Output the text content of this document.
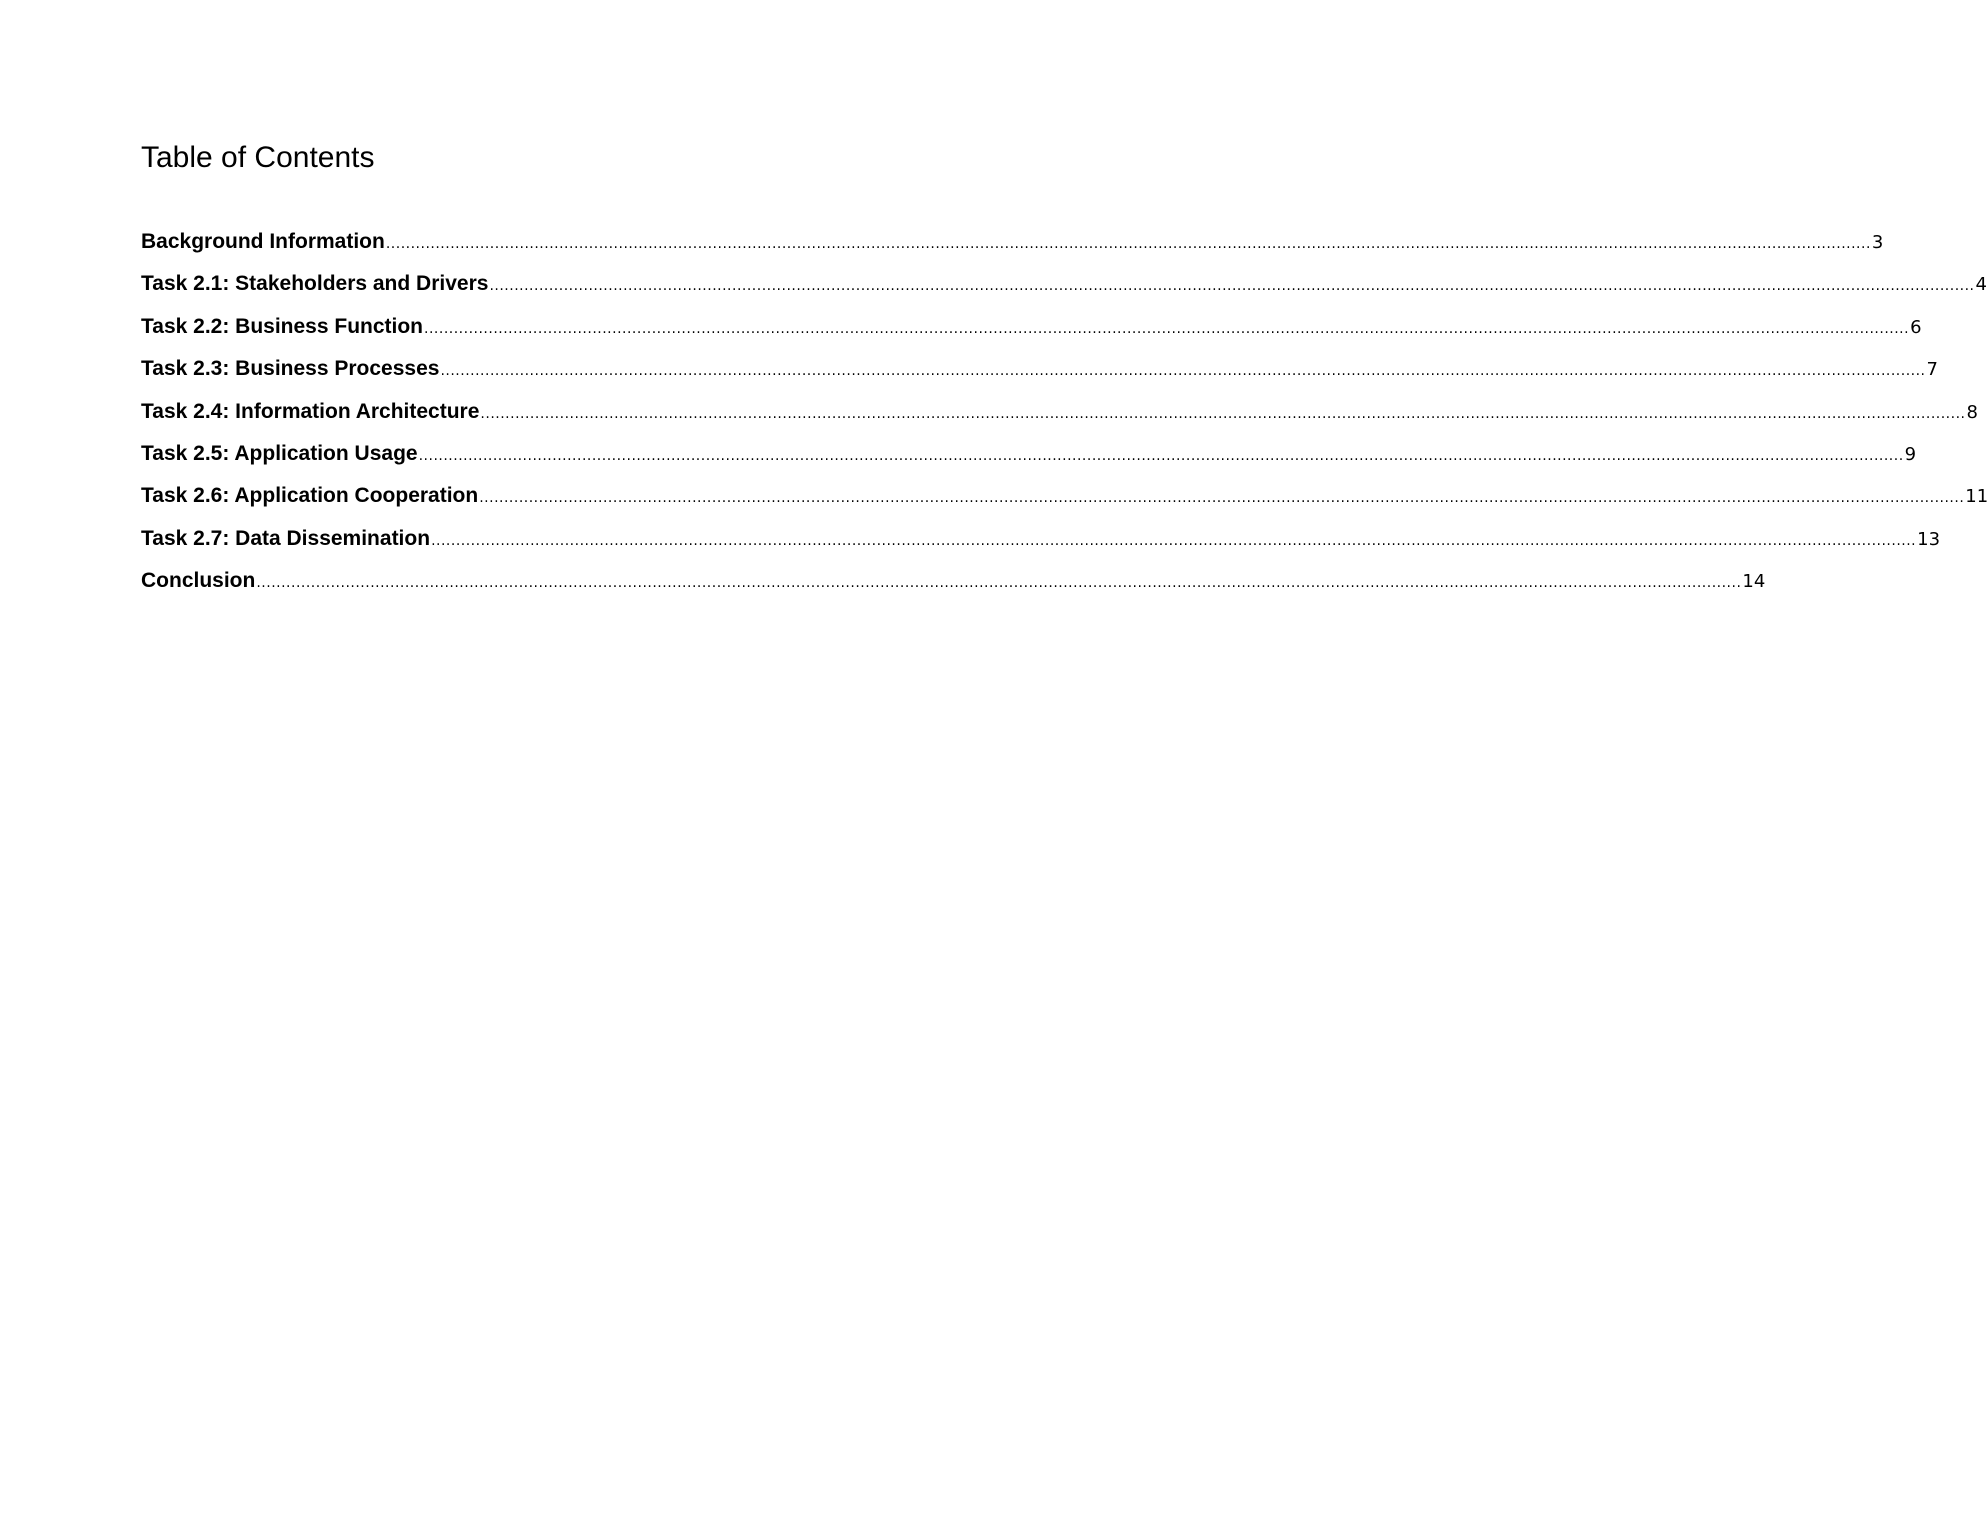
Table of Contents
Background Information ............................................................................................................................................................................................................................................................................................................ 3
Task 2.1: Stakeholders and Drivers ............................................................................................................................................................................................................................................................................................................ 4
Task 2.2: Business Function ............................................................................................................................................................................................................................................................................................................ 6
Task 2.3: Business Processes ............................................................................................................................................................................................................................................................................................................ 7
Task 2.4: Information Architecture ............................................................................................................................................................................................................................................................................................................ 8
Task 2.5: Application Usage ............................................................................................................................................................................................................................................................................................................ 9
Task 2.6: Application Cooperation ............................................................................................................................................................................................................................................................................................................ 11
Task 2.7: Data Dissemination ............................................................................................................................................................................................................................................................................................................ 13
Conclusion ............................................................................................................................................................................................................................................................................................................ 14
